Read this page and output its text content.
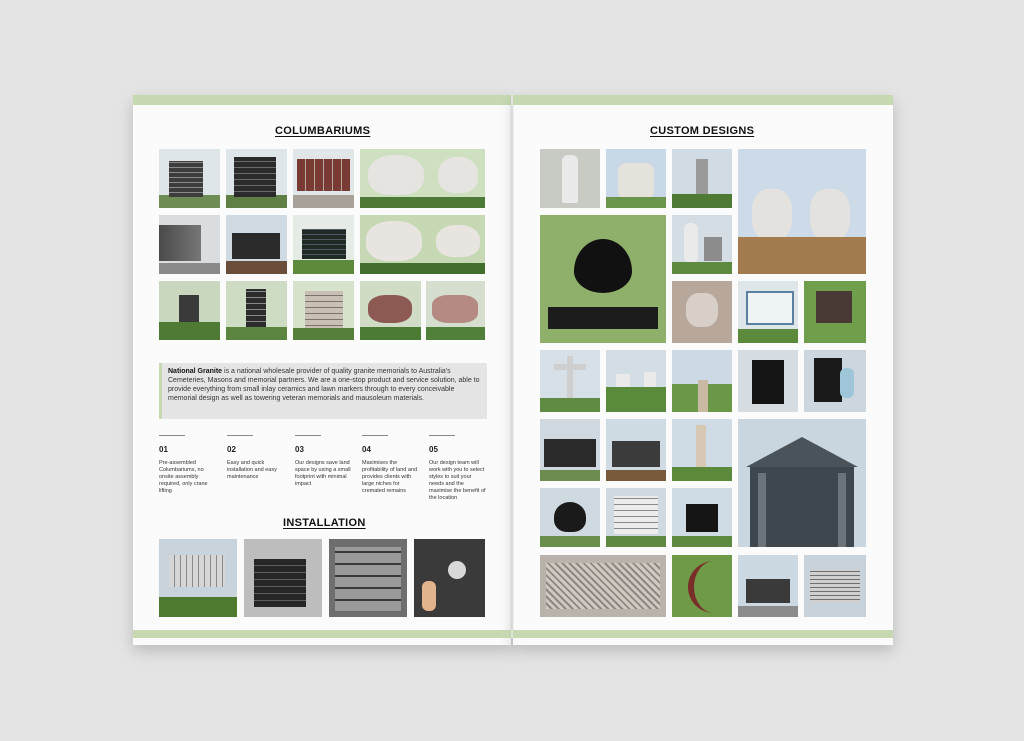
COLUMBARIUMS
National Granite is a national wholesale provider of quality granite memorials to Australia's Cemeteries, Masons and memorial partners. We are a one-stop product and service solution, able to provide everything from small inlay ceramics and lawn markers through to every conceivable memorial design as well as towering veteran memorials and mausoleum materials.
01
Pre-assembled Columbariums, no onsite assembly required, only crane lifting
02
Easy and quick installation and easy maintenance
03
Our designs save land space by using a small footprint with minimal impact
04
Maximises the profitability of land and provides clients with large niches for cremated remains
05
Our design team will work with you to select styles to suit your needs and the maximise the benefit of the location
INSTALLATION
CUSTOM DESIGNS
